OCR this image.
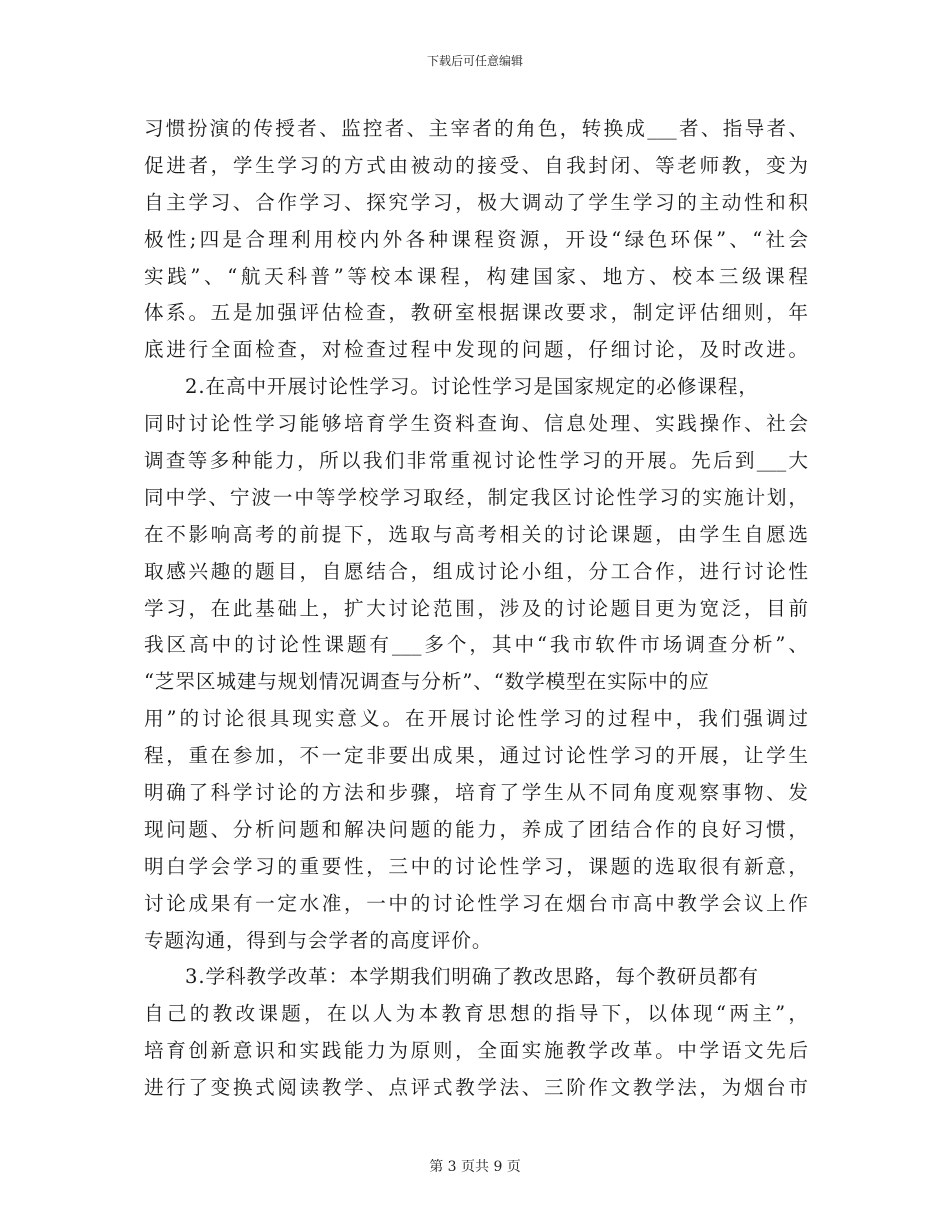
下载后可任意编辑
习惯扮演的传授者、监控者、主宰者的角色，转换成___者、指导者、
促进者，学生学习的方式由被动的接受、自我封闭、等老师教，变为
自主学习、合作学习、探究学习，极大调动了学生学习的主动性和积
极性;四是合理利用校内外各种课程资源，开设“绿色环保”、“社会
实践”、“航天科普”等校本课程，构建国家、地方、校本三级课程
体系。五是加强评估检查，教研室根据课改要求，制定评估细则，年
底进行全面检查，对检查过程中发现的问题，仔细讨论，及时改进。
　　2.在高中开展讨论性学习。讨论性学习是国家规定的必修课程，
同时讨论性学习能够培育学生资料查询、信息处理、实践操作、社会
调查等多种能力，所以我们非常重视讨论性学习的开展。先后到___大
同中学、宁波一中等学校学习取经，制定我区讨论性学习的实施计划，
在不影响高考的前提下，选取与高考相关的讨论课题，由学生自愿选
取感兴趣的题目，自愿结合，组成讨论小组，分工合作，进行讨论性
学习，在此基础上，扩大讨论范围，涉及的讨论题目更为宽泛，目前
我区高中的讨论性课题有___多个，其中“我市软件市场调查分析”、
“芝罘区城建与规划情况调查与分析”、“数学模型在实际中的应
用”的讨论很具现实意义。在开展讨论性学习的过程中，我们强调过
程，重在参加，不一定非要出成果，通过讨论性学习的开展，让学生
明确了科学讨论的方法和步骤，培育了学生从不同角度观察事物、发
现问题、分析问题和解决问题的能力，养成了团结合作的良好习惯，
明白学会学习的重要性，三中的讨论性学习，课题的选取很有新意，
讨论成果有一定水准，一中的讨论性学习在烟台市高中教学会议上作
专题沟通，得到与会学者的高度评价。
　　3.学科教学改革：本学期我们明确了教改思路，每个教研员都有
自己的教改课题，在以人为本教育思想的指导下，以体现“两主”，
培育创新意识和实践能力为原则，全面实施教学改革。中学语文先后
进行了变换式阅读教学、点评式教学法、三阶作文教学法，为烟台市
第 3 页共 9 页
